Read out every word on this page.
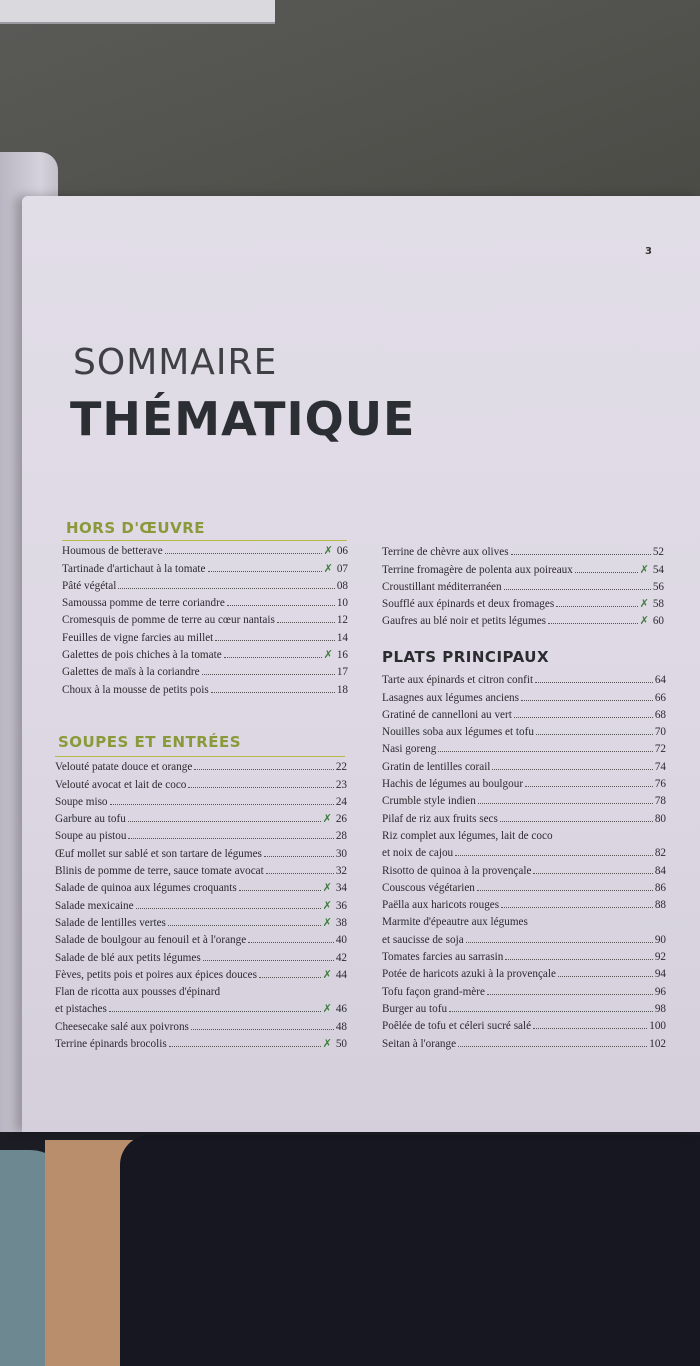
3
SOMMAIRE
THÉMATIQUE
HORS D'ŒUVRE
Houmous de betterave	✗ 06
Tartinade d'artichaut à la tomate	✗ 07
Pâté végétal	08
Samoussa pomme de terre coriandre	10
Cromesquis de pomme de terre au cœur nantais	12
Feuilles de vigne farcies au millet	14
Galettes de pois chiches à la tomate	✗ 16
Galettes de maïs à la coriandre	17
Choux à la mousse de petits pois	18
SOUPES ET ENTRÉES
Velouté patate douce et orange	22
Velouté avocat et lait de coco	23
Soupe miso	24
Garbure au tofu	✗ 26
Soupe au pistou	28
Œuf mollet sur sablé et son tartare de légumes	30
Blinis de pomme de terre, sauce tomate avocat	32
Salade de quinoa aux légumes croquants	✗ 34
Salade mexicaine	✗ 36
Salade de lentilles vertes	✗ 38
Salade de boulgour au fenouil et à l'orange	40
Salade de blé aux petits légumes	42
Fèves, petits pois et poires aux épices douces	✗ 44
Flan de ricotta aux pousses d'épinard
et pistaches	✗ 46
Cheesecake salé aux poivrons	48
Terrine épinards brocolis	✗ 50
Terrine de chèvre aux olives	52
Terrine fromagère de polenta aux poireaux	✗ 54
Croustillant méditerranéen	56
Soufflé aux épinards et deux fromages	✗ 58
Gaufres au blé noir et petits légumes	✗ 60
PLATS PRINCIPAUX
Tarte aux épinards et citron confit	64
Lasagnes aux légumes anciens	66
Gratiné de cannelloni au vert	68
Nouilles soba aux légumes et tofu	70
Nasi goreng	72
Gratin de lentilles corail	74
Hachis de légumes au boulgour	76
Crumble style indien	78
Pilaf de riz aux fruits secs	80
Riz complet aux légumes, lait de coco
et noix de cajou	82
Risotto de quinoa à la provençale	84
Couscous végétarien	86
Paëlla aux haricots rouges	88
Marmite d'épeautre aux légumes
et saucisse de soja	90
Tomates farcies au sarrasin	92
Potée de haricots azuki à la provençale	94
Tofu façon grand-mère	96
Burger au tofu	98
Poêlée de tofu et céleri sucré salé	100
Seitan à l'orange	102
